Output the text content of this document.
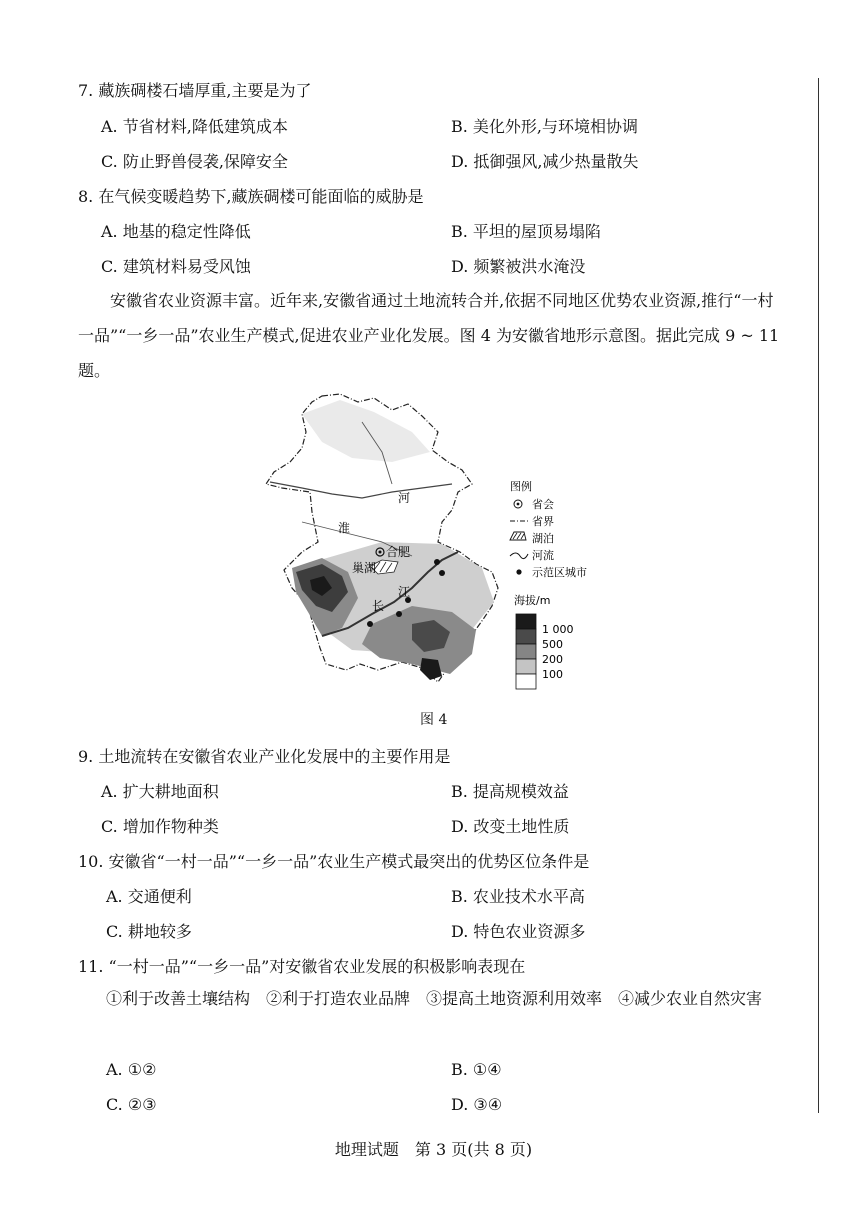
7. 藏族碉楼石墙厚重,主要是为了
A. 节省材料,降低建筑成本	B. 美化外形,与环境相协调
C. 防止野兽侵袭,保障安全	D. 抵御强风,减少热量散失
8. 在气候变暖趋势下,藏族碉楼可能面临的威胁是
A. 地基的稳定性降低	B. 平坦的屋顶易塌陷
C. 建筑材料易受风蚀	D. 频繁被洪水淹没
安徽省农业资源丰富。近年来,安徽省通过土地流转合并,依据不同地区优势农业资源,推行“一村一品”“一乡一品”农业生产模式,促进农业产业化发展。图 4 为安徽省地形示意图。据此完成 9 ~ 11 题。
河
淮
合肥
巢湖
江
长
图例
省会
省界
湖泊
河流
示范区城市
海拔/m
1 000
500
200
100
图 4
9. 土地流转在安徽省农业产业化发展中的主要作用是
A. 扩大耕地面积	B. 提高规模效益
C. 增加作物种类	D. 改变土地性质
10. 安徽省“一村一品”“一乡一品”农业生产模式最突出的优势区位条件是
A. 交通便利	B. 农业技术水平高
C. 耕地较多	D. 特色农业资源多
11. “一村一品”“一乡一品”对安徽省农业发展的积极影响表现在
①利于改善土壤结构　②利于打造农业品牌　③提高土地资源利用效率　④减少农业自然灾害
A. ①②	B. ①④
C. ②③	D. ③④
地理试题　第 3 页(共 8 页)
